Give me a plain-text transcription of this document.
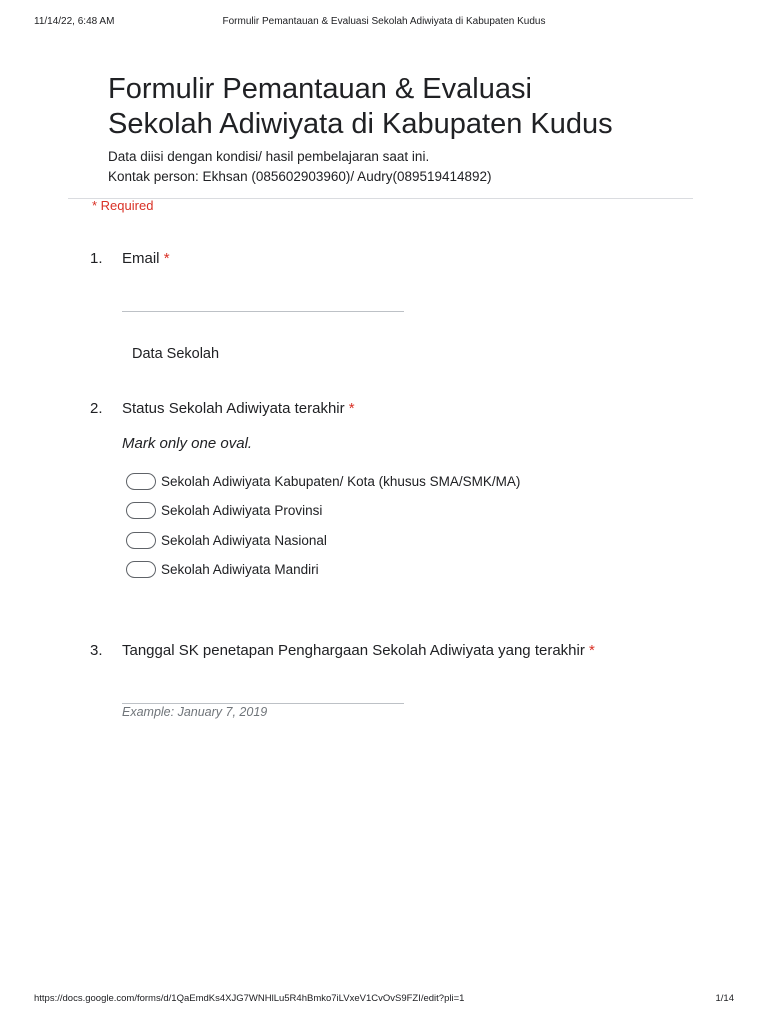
11/14/22, 6:48 AM	Formulir Pemantauan & Evaluasi Sekolah Adiwiyata di Kabupaten Kudus
Formulir Pemantauan & Evaluasi
Sekolah Adiwiyata di Kabupaten Kudus
Data diisi dengan kondisi/ hasil pembelajaran saat ini.
Kontak person: Ekhsan (085602903960)/ Audry(089519414892)
* Required
1. Email *
Data Sekolah
2. Status Sekolah Adiwiyata terakhir *
Mark only one oval.
Sekolah Adiwiyata Kabupaten/ Kota (khusus SMA/SMK/MA)
Sekolah Adiwiyata Provinsi
Sekolah Adiwiyata Nasional
Sekolah Adiwiyata Mandiri
3. Tanggal SK penetapan Penghargaan Sekolah Adiwiyata yang terakhir *
Example: January 7, 2019
https://docs.google.com/forms/d/1QaEmdKs4XJG7WNHlLu5R4hBmko7iLVxeV1CvOvS9FZI/edit?pli=1	1/14
